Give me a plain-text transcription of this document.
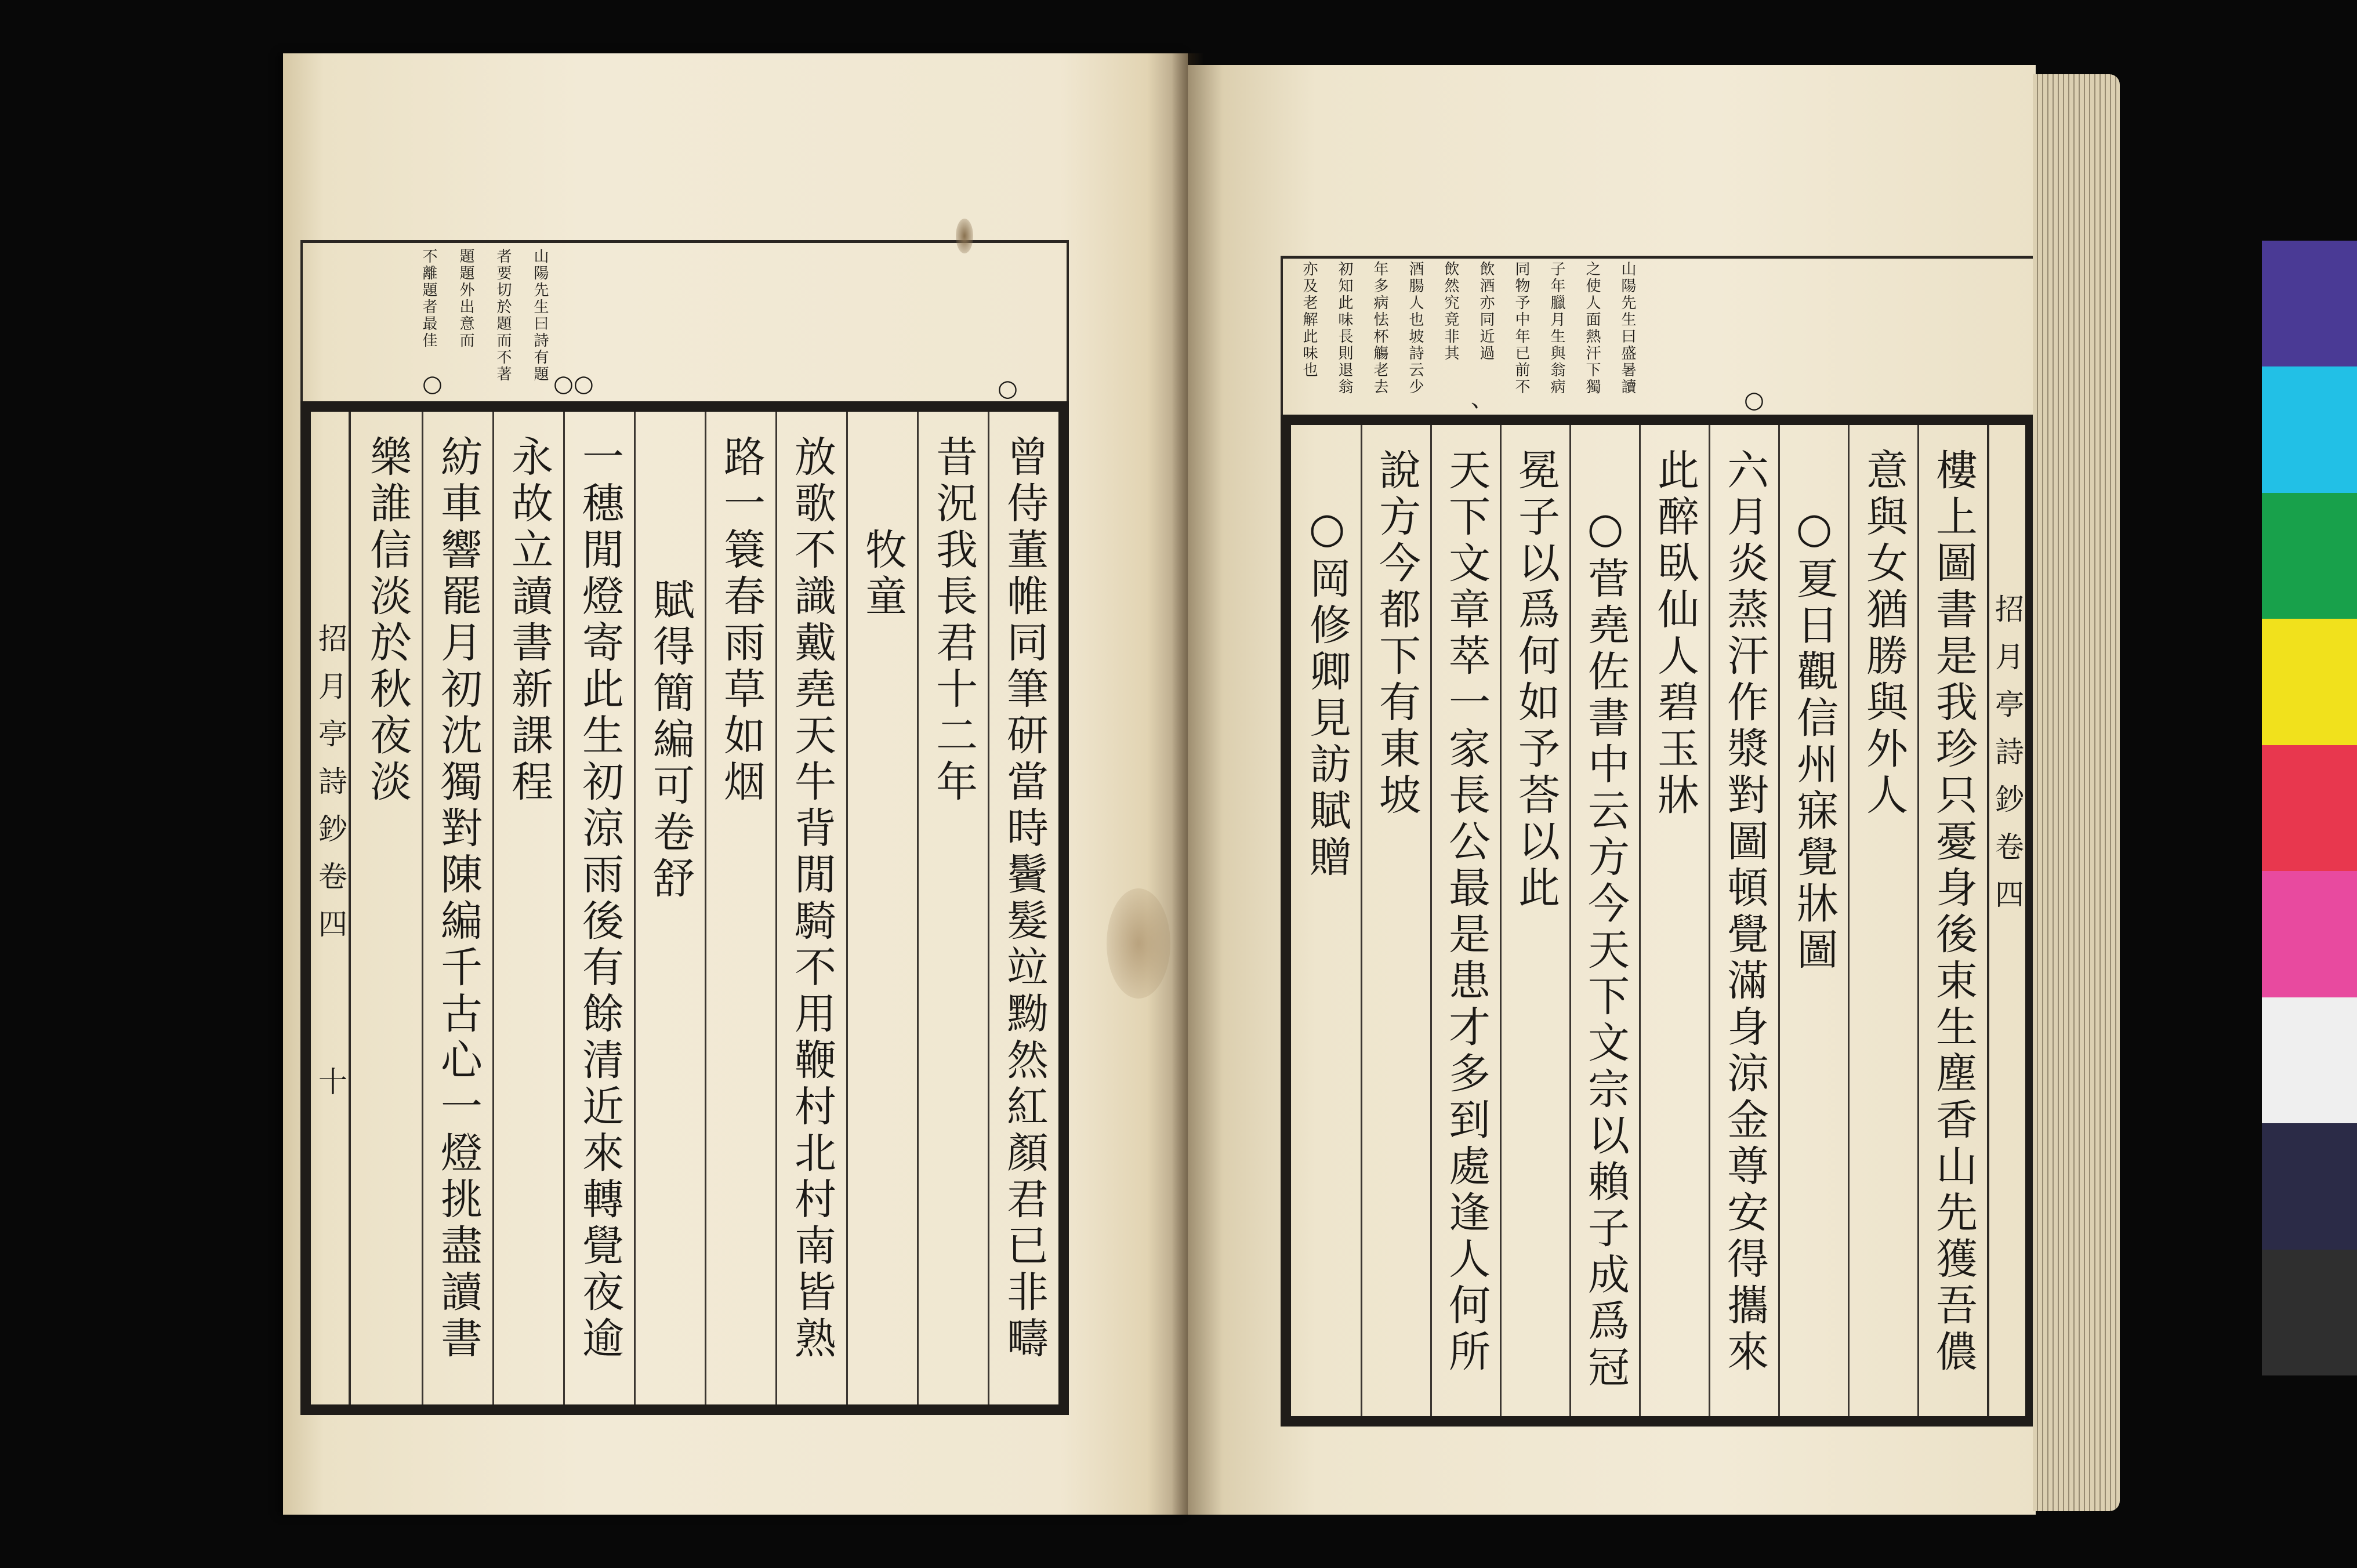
山陽先生曰詩有題
者要切於題而不著
題題外出意而
不離題者最佳
○
○○
○
招月亭詩鈔卷四
十	曾侍董帷同筆研當時鬢髮竝黝然紅顏君已非疇
昔況我長君十二年
牧童
放歌不識戴堯天牛背閒騎不用鞭村北村南皆熟
路一簑春雨草如烟
賦得簡編可卷舒
一穗閒燈寄此生初涼雨後有餘清近來轉覺夜逾
永故立讀書新課程
紡車響罷月初沈獨對陳編千古心一燈挑盡讀書
樂誰信淡於秋夜淡
山陽先生曰盛暑讀
之使人面熱汗下獨
子年臘月生與翁病
同物予中年已前不
飲酒亦同近過
飲然究竟非其
酒腸人也坡詩云少
年多病怯杯觴老去
初知此味長則退翁
亦及老解此味也
○
、
樓上圖書是我珍只憂身後束生塵香山先獲吾儂
意與女猶勝與外人
○夏日觀信州寐覺牀圖
六月炎蒸汗作漿對圖頓覺滿身涼金尊安得攜來
此醉臥仙人碧玉牀
○菅堯佐書中云方今天下文宗以賴子成爲冠
冕子以爲何如予荅以此
天下文章萃一家長公最是患才多到處逢人何所
說方今都下有東坡
○岡修卿見訪賦贈	招月亭詩鈔卷四
